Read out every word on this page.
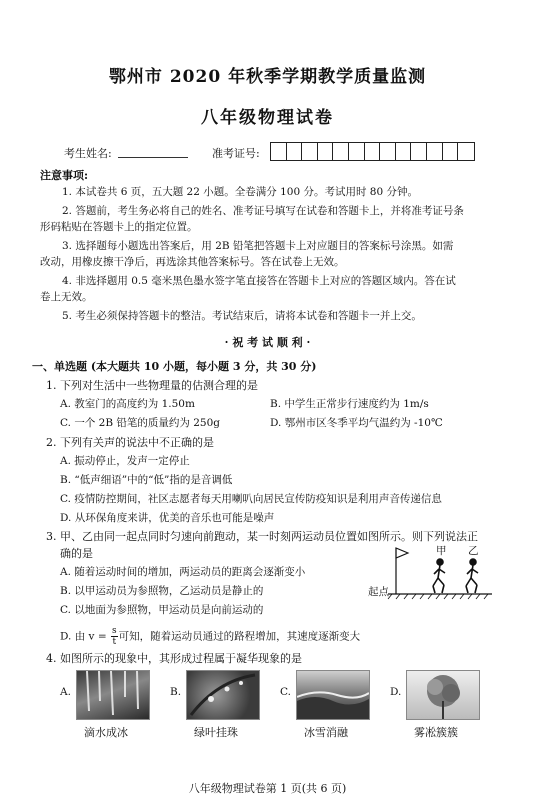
鄂州市 2020 年秋季学期教学质量监测
八年级物理试卷
考生姓名:	准考证号:
注意事项:
1. 本试卷共 6 页，五大题 22 小题。全卷满分 100 分。考试用时 80 分钟。
2. 答题前，考生务必将自己的姓名、准考证号填写在试卷和答题卡上，并将准考证号条
形码粘贴在答题卡上的指定位置。
3. 选择题每小题选出答案后，用 2B 铅笔把答题卡上对应题目的答案标号涂黑。如需
改动，用橡皮擦干净后，再选涂其他答案标号。答在试卷上无效。
4. 非选择题用 0.5 毫米黑色墨水签字笔直接答在答题卡上对应的答题区域内。答在试
卷上无效。
5. 考生必须保持答题卡的整洁。考试结束后，请将本试卷和答题卡一并上交。
· 祝 考 试 顺 利 ·
一、单选题 (本大题共 10 小题，每小题 3 分，共 30 分)
1. 下列对生活中一些物理量的估测合理的是
A. 教室门的高度约为 1.50m	B. 中学生正常步行速度约为 1m/s
C. 一个 2B 铅笔的质量约为 250g	D. 鄂州市区冬季平均气温约为 -10℃
2. 下列有关声的说法中不正确的是
A. 振动停止，发声一定停止
B. “低声细语”中的“低”指的是音调低
C. 疫情防控期间，社区志愿者每天用喇叭向居民宣传防疫知识是利用声音传递信息
D. 从环保角度来讲，优美的音乐也可能是噪声
3. 甲、乙由同一起点同时匀速向前跑动，某一时刻两运动员位置如图所示。则下列说法正
确的是
A. 随着运动时间的增加，两运动员的距离会逐渐变小
B. 以甲运动员为参照物，乙运动员是静止的
C. 以地面为参照物，甲运动员是向前运动的
D. 由 $v = \frac{s}{t}$ 可知，随着运动员通过的路程增加，其速度逐渐变大
甲 乙
起点
4. 如图所示的现象中，其形成过程属于凝华现象的是
A.
滴水成冰
B.
绿叶挂珠
C.
冰雪消融
D.
雾凇簇簇
八年级物理试卷第 1 页(共 6 页)
